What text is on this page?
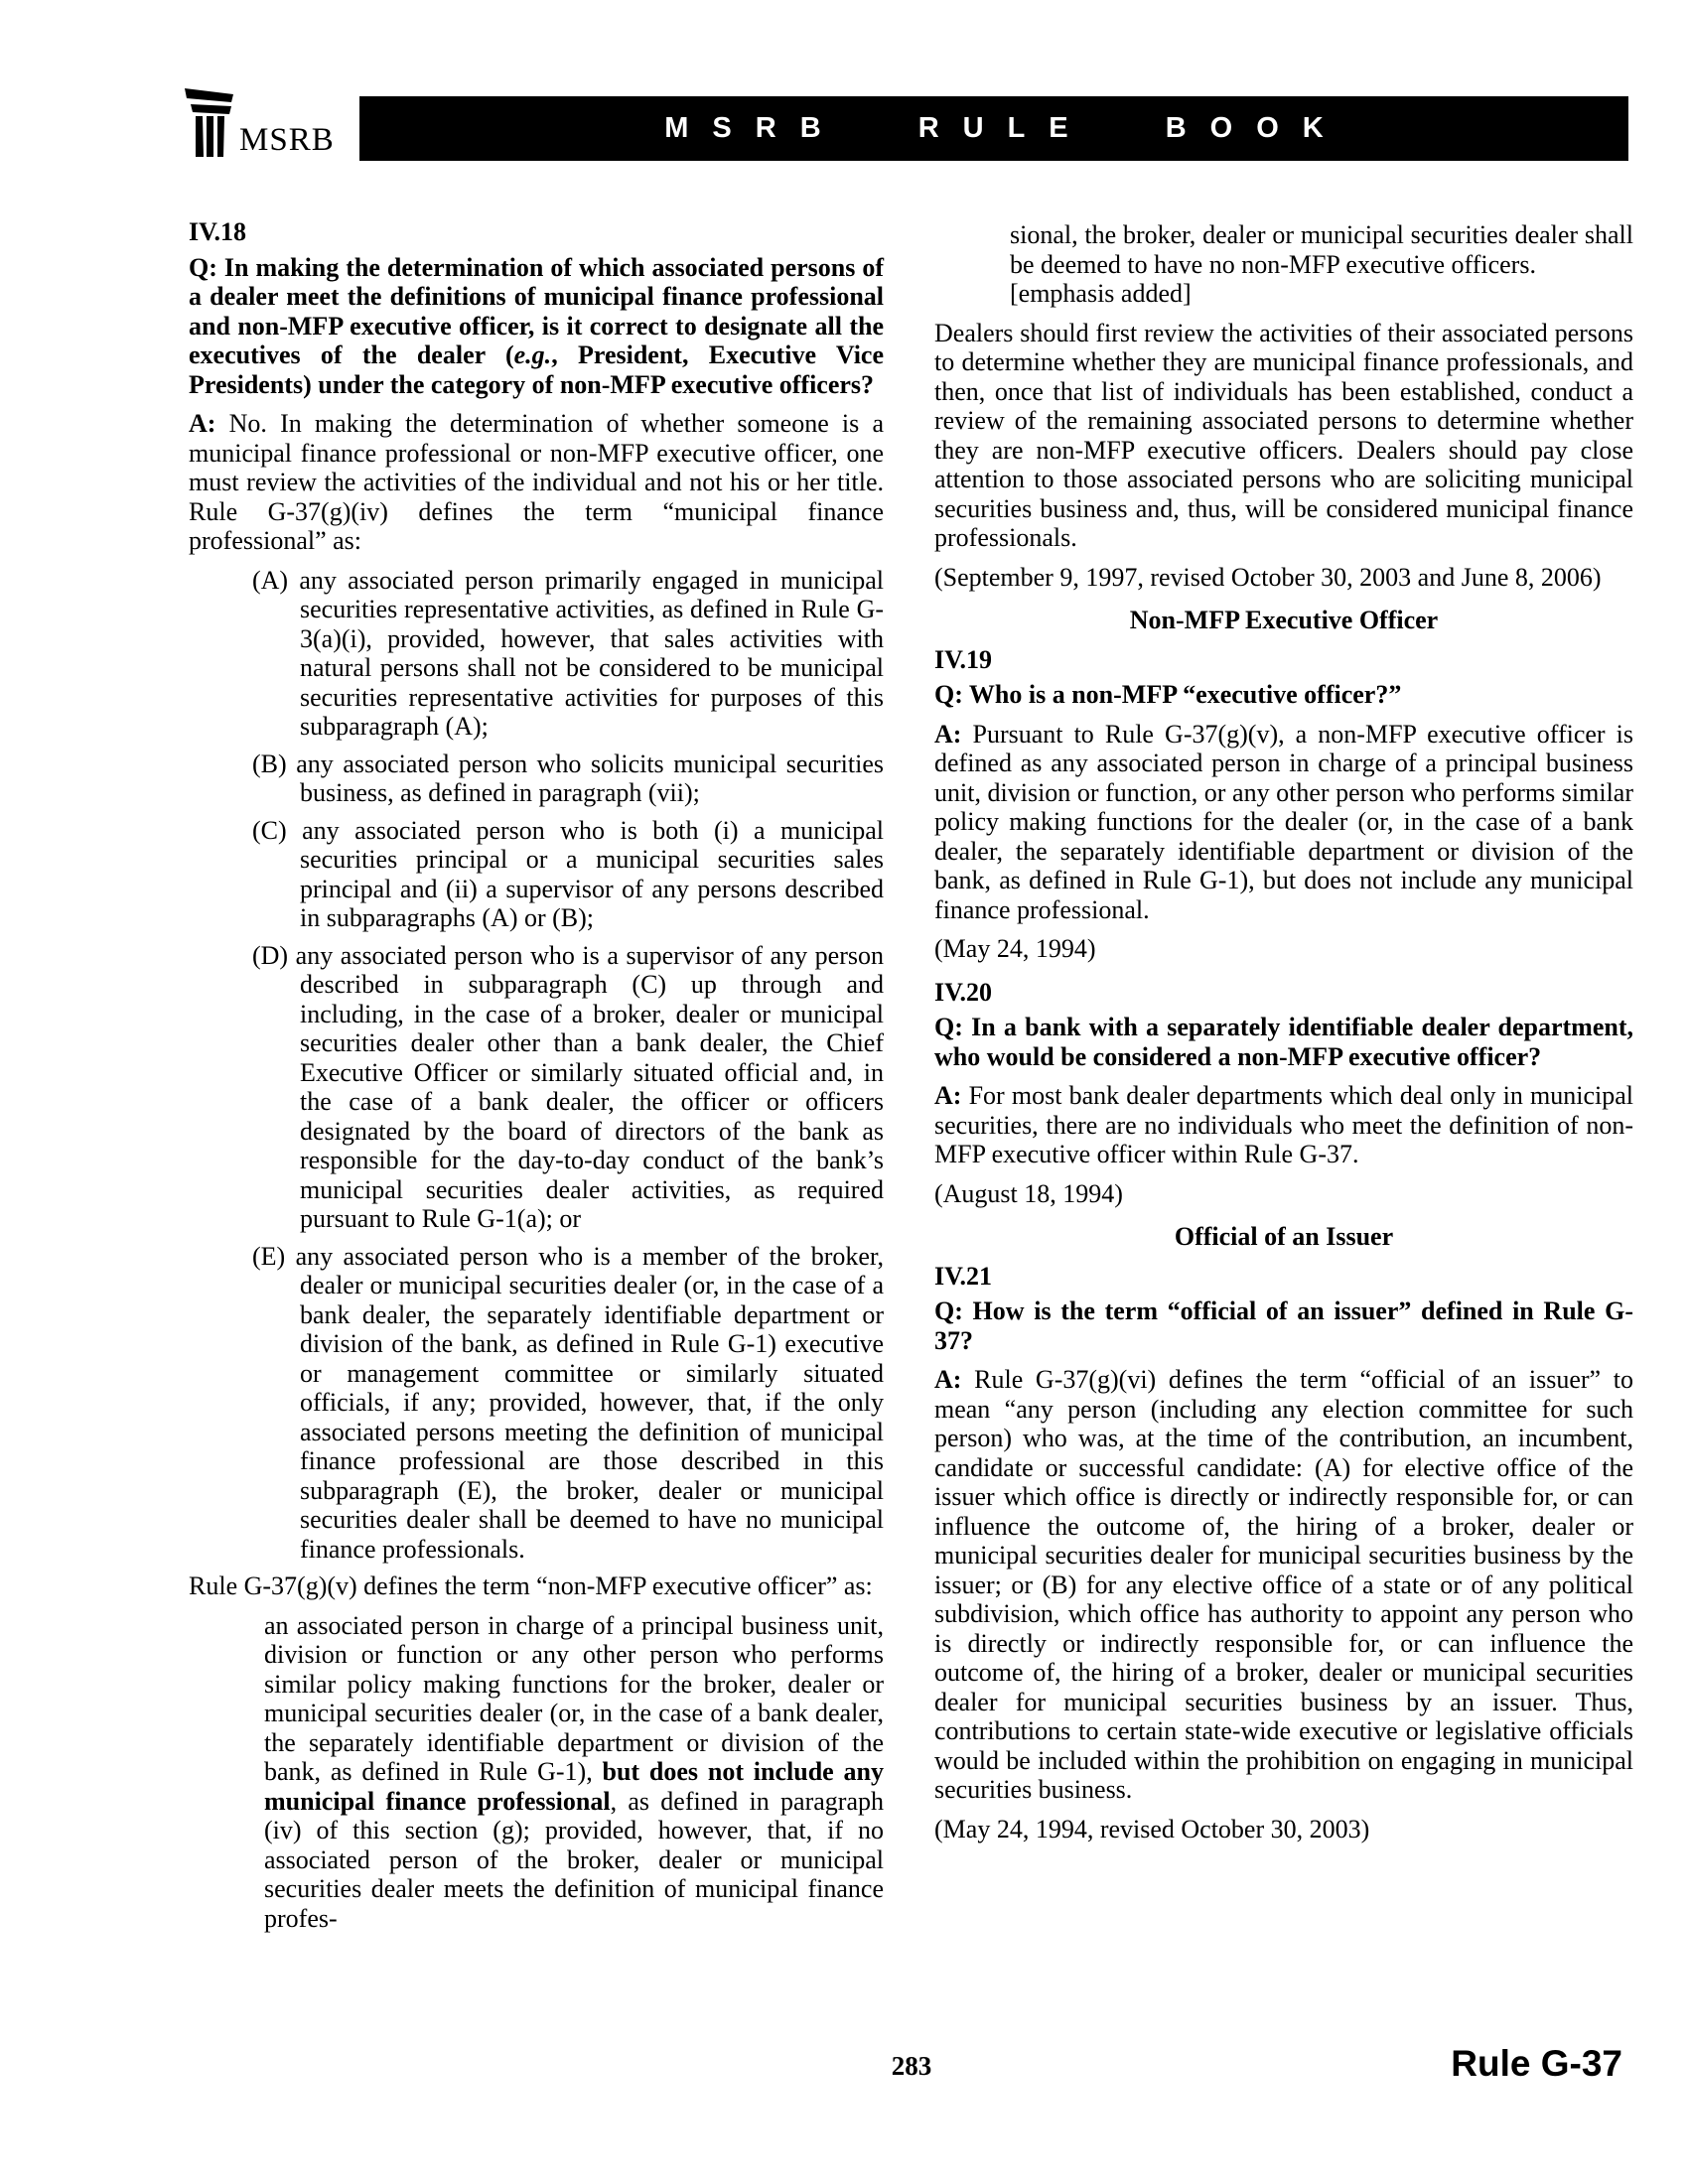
MSRB	MSRB RULE BOOK

IV.18

Q: In making the determination of which associated persons of a dealer meet the definitions of municipal finance professional and non-MFP executive officer, is it correct to designate all the executives of the dealer (e.g., President, Executive Vice Presidents) under the category of non-MFP executive officers?

A: No. In making the determination of whether someone is a municipal finance professional or non-MFP executive officer, one must review the activities of the individual and not his or her title. Rule G-37(g)(iv) defines the term “municipal finance professional” as:

(A) any associated person primarily engaged in municipal securities representative activities, as defined in Rule G-3(a)(i), provided, however, that sales activities with natural persons shall not be considered to be municipal securities representative activities for purposes of this subparagraph (A);

(B) any associated person who solicits municipal securities business, as defined in paragraph (vii);

(C) any associated person who is both (i) a municipal securities principal or a municipal securities sales principal and (ii) a supervisor of any persons described in subparagraphs (A) or (B);

(D) any associated person who is a supervisor of any person described in subparagraph (C) up through and including, in the case of a broker, dealer or municipal securities dealer other than a bank dealer, the Chief Executive Officer or similarly situated official and, in the case of a bank dealer, the officer or officers designated by the board of directors of the bank as responsible for the day-to-day conduct of the bank’s municipal securities dealer activities, as required pursuant to Rule G-1(a); or

(E) any associated person who is a member of the broker, dealer or municipal securities dealer (or, in the case of a bank dealer, the separately identifiable department or division of the bank, as defined in Rule G-1) executive or management committee or similarly situated officials, if any; provided, however, that, if the only associated persons meeting the definition of municipal finance professional are those described in this subparagraph (E), the broker, dealer or municipal securities dealer shall be deemed to have no municipal finance professionals.

Rule G-37(g)(v) defines the term “non-MFP executive officer” as:

an associated person in charge of a principal business unit, division or function or any other person who performs similar policy making functions for the broker, dealer or municipal securities dealer (or, in the case of a bank dealer, the separately identifiable department or division of the bank, as defined in Rule G-1), but does not include any municipal finance professional, as defined in paragraph (iv) of this section (g); provided, however, that, if no associated person of the broker, dealer or municipal securities dealer meets the definition of municipal finance profes-

sional, the broker, dealer or municipal securities dealer shall be deemed to have no non-MFP executive officers.
[emphasis added]

Dealers should first review the activities of their associated persons to determine whether they are municipal finance professionals, and then, once that list of individuals has been established, conduct a review of the remaining associated persons to determine whether they are non-MFP executive officers. Dealers should pay close attention to those associated persons who are soliciting municipal securities business and, thus, will be considered municipal finance professionals.

(September 9, 1997, revised October 30, 2003 and June 8, 2006)

Non-MFP Executive Officer

IV.19

Q: Who is a non-MFP “executive officer?”

A: Pursuant to Rule G-37(g)(v), a non-MFP executive officer is defined as any associated person in charge of a principal business unit, division or function, or any other person who performs similar policy making functions for the dealer (or, in the case of a bank dealer, the separately identifiable department or division of the bank, as defined in Rule G-1), but does not include any municipal finance professional.

(May 24, 1994)

IV.20

Q: In a bank with a separately identifiable dealer department, who would be considered a non-MFP executive officer?

A: For most bank dealer departments which deal only in municipal securities, there are no individuals who meet the definition of non-MFP executive officer within Rule G-37.

(August 18, 1994)

Official of an Issuer

IV.21

Q: How is the term “official of an issuer” defined in Rule G-37?

A: Rule G-37(g)(vi) defines the term “official of an issuer” to mean “any person (including any election committee for such person) who was, at the time of the contribution, an incumbent, candidate or successful candidate: (A) for elective office of the issuer which office is directly or indirectly responsible for, or can influence the outcome of, the hiring of a broker, dealer or municipal securities dealer for municipal securities business by the issuer; or (B) for any elective office of a state or of any political subdivision, which office has authority to appoint any person who is directly or indirectly responsible for, or can influence the outcome of, the hiring of a broker, dealer or municipal securities dealer for municipal securities business by an issuer. Thus, contributions to certain state-wide executive or legislative officials would be included within the prohibition on engaging in municipal securities business.

(May 24, 1994, revised October 30, 2003)

283	Rule G-37
